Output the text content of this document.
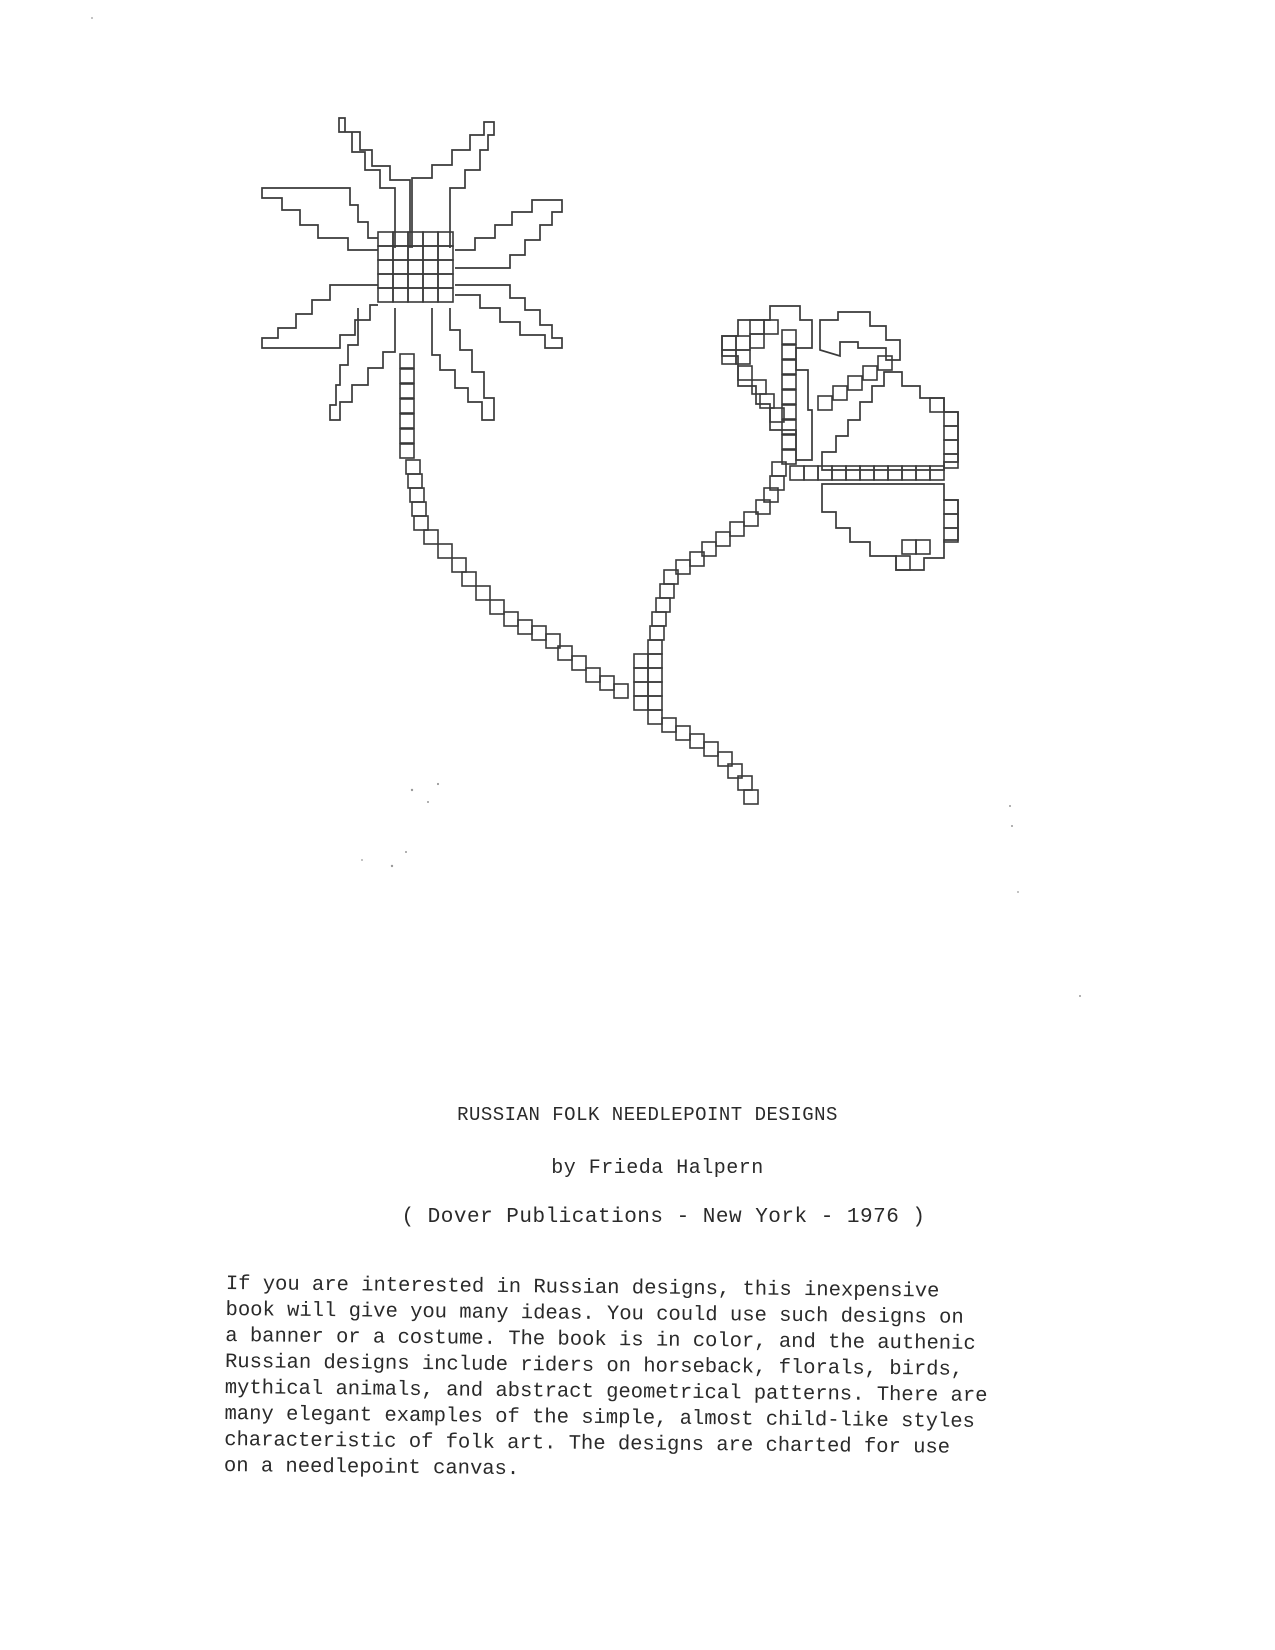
RUSSIAN FOLK NEEDLEPOINT DESIGNS
by Frieda Halpern
( Dover Publications - New York - 1976 )
If you are interested in Russian designs, this inexpensive
book will give you many ideas. You could use such designs on
a banner or a costume. The book is in color, and the authenic
Russian designs include riders on horseback, florals, birds,
mythical animals, and abstract geometrical patterns. There are
many elegant examples of the simple, almost child-like styles
characteristic of folk art. The designs are charted for use
on a needlepoint canvas.
